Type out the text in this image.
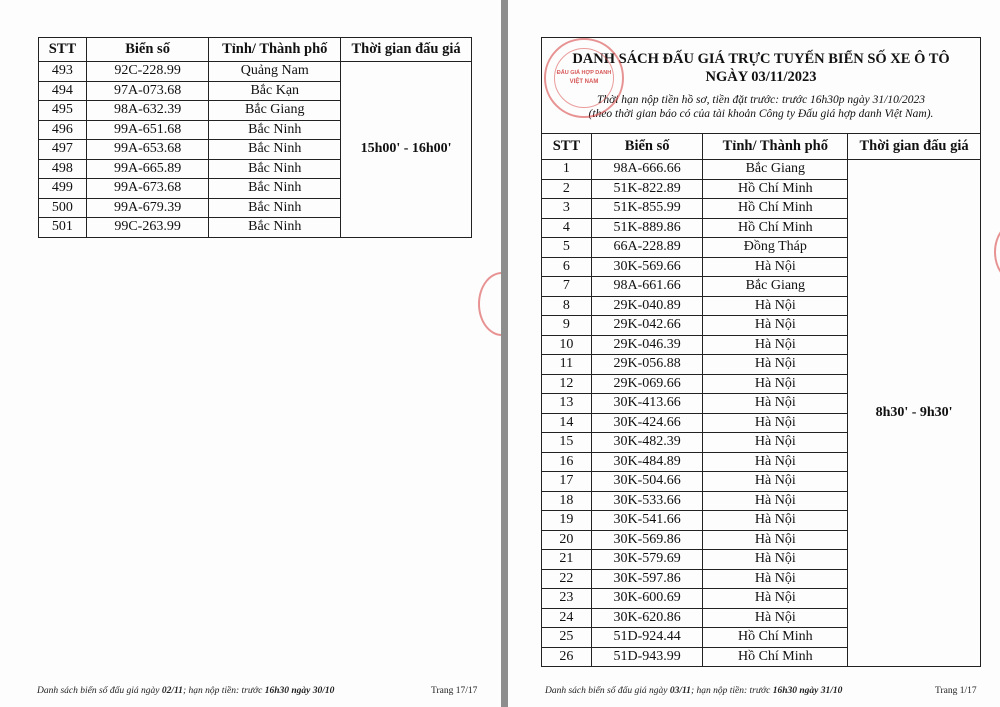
STT	Biển số	Tỉnh/ Thành phố	Thời gian đấu giá
493	92C-228.99	Quảng Nam	15h00' - 16h00'
494	97A-073.68	Bắc Kạn	
495	98A-632.39	Bắc Giang	
496	99A-651.68	Bắc Ninh	
497	99A-653.68	Bắc Ninh	
498	99A-665.89	Bắc Ninh	
499	99A-673.68	Bắc Ninh	
500	99A-679.39	Bắc Ninh	
501	99C-263.99	Bắc Ninh	
Danh sách biển số đấu giá ngày 02/11; hạn nộp tiền: trước 16h30 ngày 30/10	Trang 17/17
DANH SÁCH ĐẤU GIÁ TRỰC TUYẾN BIỂN SỐ XE Ô TÔ
NGÀY 03/11/2023
Thời hạn nộp tiền hồ sơ, tiền đặt trước: trước 16h30p ngày 31/10/2023
(theo thời gian báo có của tài khoản Công ty Đấu giá hợp danh Việt Nam).
ĐẤU GIÁ HỢP DANH
VIỆT NAM
STT	Biển số	Tỉnh/ Thành phố	Thời gian đấu giá
1	98A-666.66	Bắc Giang	8h30' - 9h30'
2	51K-822.89	Hồ Chí Minh	
3	51K-855.99	Hồ Chí Minh	
4	51K-889.86	Hồ Chí Minh	
5	66A-228.89	Đồng Tháp	
6	30K-569.66	Hà Nội	
7	98A-661.66	Bắc Giang	
8	29K-040.89	Hà Nội	
9	29K-042.66	Hà Nội	
10	29K-046.39	Hà Nội	
11	29K-056.88	Hà Nội	
12	29K-069.66	Hà Nội	
13	30K-413.66	Hà Nội	
14	30K-424.66	Hà Nội	
15	30K-482.39	Hà Nội	
16	30K-484.89	Hà Nội	
17	30K-504.66	Hà Nội	
18	30K-533.66	Hà Nội	
19	30K-541.66	Hà Nội	
20	30K-569.86	Hà Nội	
21	30K-579.69	Hà Nội	
22	30K-597.86	Hà Nội	
23	30K-600.69	Hà Nội	
24	30K-620.86	Hà Nội	
25	51D-924.44	Hồ Chí Minh	
26	51D-943.99	Hồ Chí Minh	
Danh sách biển số đấu giá ngày 03/11; hạn nộp tiền: trước 16h30 ngày 31/10	Trang 1/17
